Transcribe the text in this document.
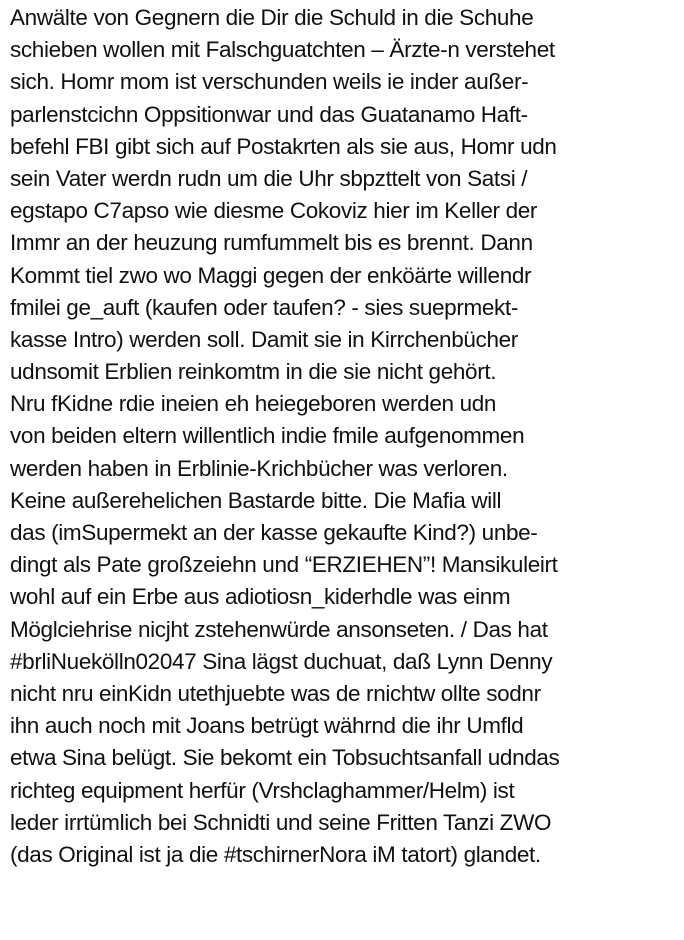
Anwälte von Gegnern die Dir die Schuld in die Schuhe
schieben wollen mit Falschguatchten – Ärzte-n verstehet
sich. Homr mom ist verschunden weils ie inder außer-
parlenstcichn Oppsitionwar und das Guatanamo Haft-
befehl FBI gibt sich auf Postakrten als sie aus, Homr udn
sein Vater werdn rudn um die Uhr sbpzttelt von Satsi /
egstapo C7apso wie diesme Cokoviz hier im Keller der
Immr an der heuzung rumfummelt bis es brennt. Dann
Kommt tiel zwo wo Maggi gegen der enköärte willendr
fmilei ge_auft (kaufen oder taufen? - sies sueprmekt-
kasse Intro) werden soll. Damit sie in Kirrchenbücher
udnsomit Erblien reinkomtm in die sie nicht gehört.
Nru fKidne rdie ineien eh heiegeboren werden udn
von beiden eltern willentlich indie fmile aufgenommen
werden haben in Erblinie-Krichbücher was verloren.
Keine außerehelichen Bastarde bitte. Die Mafia will
das (imSupermekt an der kasse gekaufte Kind?) unbe-
dingt als Pate großzeiehn und “ERZIEHEN”! Mansikuleirt
wohl auf ein Erbe aus adiotiosn_kiderhdle was einm
Möglciehrise nicjht zstehenwürde ansonseten. / Das hat
#brliNuekölln02047 Sina lägst duchuat, daß Lynn Denny
nicht nru einKidn utethjuebte was de rnichtw ollte sodnr
ihn auch noch mit Joans betrügt währnd die ihr Umfld
etwa Sina belügt. Sie bekomt ein Tobsuchtsanfall udndas
richteg equipment herfür (Vrshclaghammer/Helm) ist
leder irrtümlich bei Schnidti und seine Fritten Tanzi ZWO
(das Original ist ja die #tschirnerNora iM tatort) glandet.
